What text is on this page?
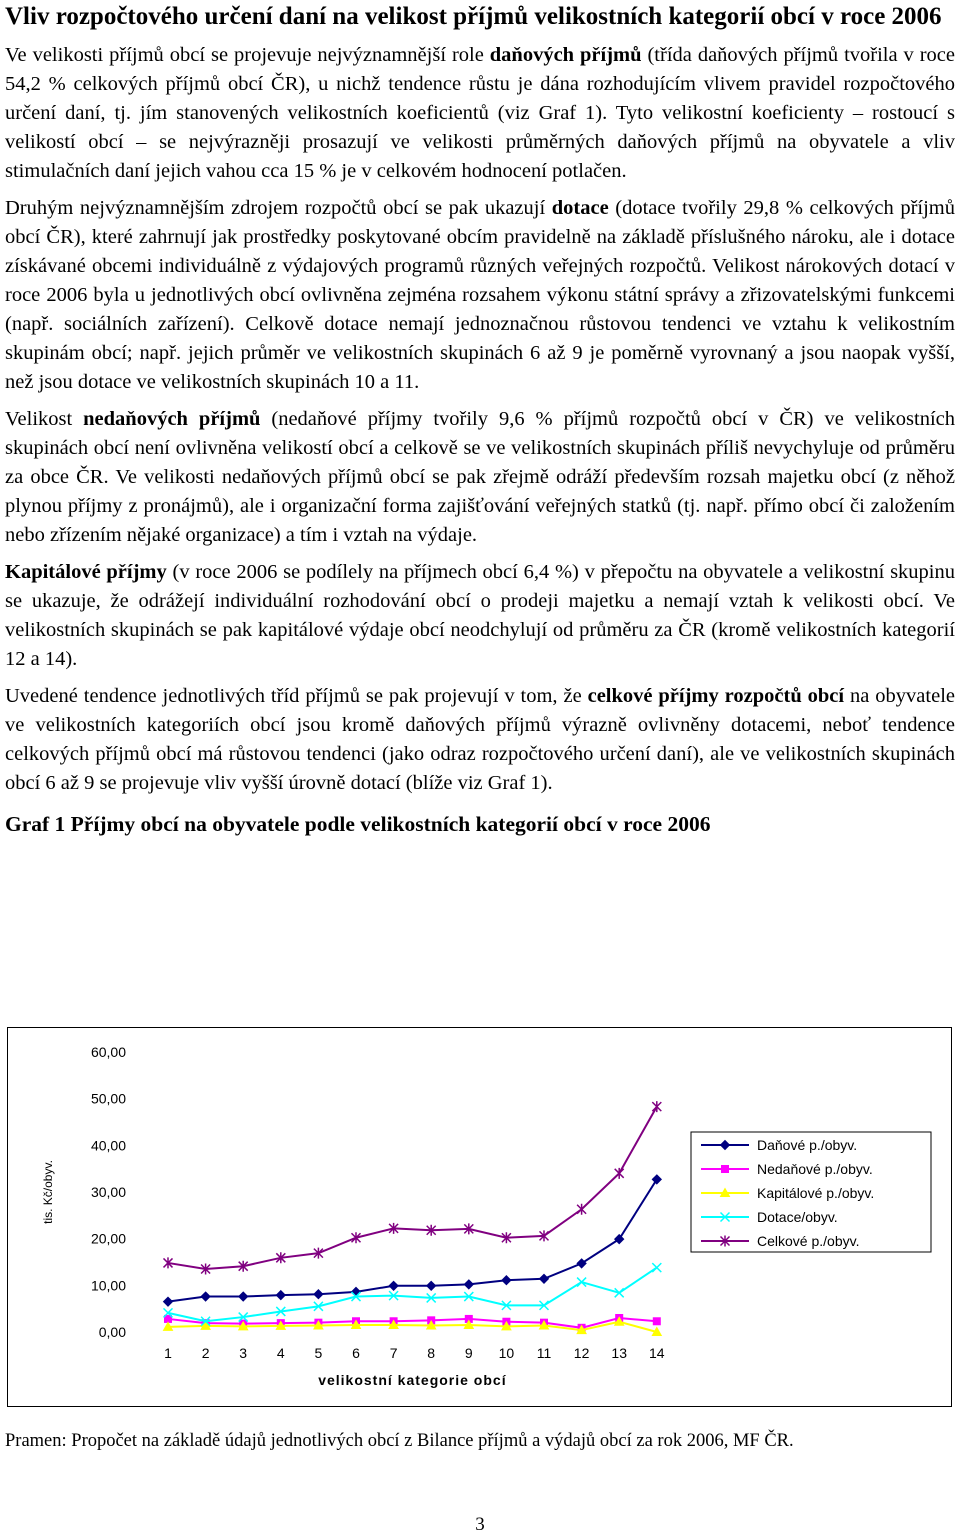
Vliv rozpočtového určení daní na velikost příjmů velikostních kategorií obcí v roce 2006

Ve velikosti příjmů obcí se projevuje nejvýznamnější role daňových příjmů (třída daňových příjmů tvořila v roce 54,2 % celkových příjmů obcí ČR), u nichž tendence růstu je dána rozhodujícím vlivem pravidel rozpočtového určení daní, tj. jím stanovených velikostních koeficientů (viz Graf 1). Tyto velikostní koeficienty – rostoucí s velikostí obcí – se nejvýrazněji prosazují ve velikosti průměrných daňových příjmů na obyvatele a vliv stimulačních daní jejich vahou cca 15 % je v celkovém hodnocení potlačen.

Druhým nejvýznamnějším zdrojem rozpočtů obcí se pak ukazují dotace (dotace tvořily 29,8 % celkových příjmů obcí ČR), které zahrnují jak prostředky poskytované obcím pravidelně na základě příslušného nároku, ale i dotace získávané obcemi individuálně z výdajových programů různých veřejných rozpočtů. Velikost nárokových dotací v roce 2006 byla u jednotlivých obcí ovlivněna zejména rozsahem výkonu státní správy a zřizovatelskými funkcemi (např. sociálních zařízení). Celkově dotace nemají jednoznačnou růstovou tendenci ve vztahu k velikostním skupinám obcí; např. jejich průměr ve velikostních skupinách 6 až 9 je poměrně vyrovnaný a jsou naopak vyšší, než jsou dotace ve velikostních skupinách 10 a 11.

Velikost nedaňových příjmů (nedaňové příjmy tvořily 9,6 % příjmů rozpočtů obcí v ČR) ve velikostních skupinách obcí není ovlivněna velikostí obcí a celkově se ve velikostních skupinách příliš nevychyluje od průměru za obce ČR. Ve velikosti nedaňových příjmů obcí se pak zřejmě odráží především rozsah majetku obcí (z něhož plynou příjmy z pronájmů), ale i organizační forma zajišťování veřejných statků (tj. např. přímo obcí či založením nebo zřízením nějaké organizace) a tím i vztah na výdaje.

Kapitálové příjmy (v roce 2006 se podílely na příjmech obcí 6,4 %) v přepočtu na obyvatele a velikostní skupinu se ukazuje, že odrážejí individuální rozhodování obcí o prodeji majetku a nemají vztah k velikosti obcí. Ve velikostních skupinách se pak kapitálové výdaje obcí neodchylují od průměru za ČR (kromě velikostních kategorií 12 a 14).

Uvedené tendence jednotlivých tříd příjmů se pak projevují v tom, že celkové příjmy rozpočtů obcí na obyvatele ve velikostních kategoriích obcí jsou kromě daňových příjmů výrazně ovlivněny dotacemi, neboť tendence celkových příjmů obcí má růstovou tendenci (jako odraz rozpočtového určení daní), ale ve velikostních skupinách obcí 6 až 9 se projevuje vliv vyšší úrovně dotací (blíže viz Graf 1).

Graf 1 Příjmy obcí na obyvatele podle velikostních kategorií obcí v roce 2006

0,00
10,00
20,00
30,00
40,00
50,00
60,00
1 2 3 4 5 6 7 8 9 10 11 12 13 14
velikostní kategorie obcí
tis. Kč/obyv.
Daňové p./obyv.
Nedaňové p./obyv.
Kapitálové p./obyv.
Dotace/obyv.
Celkové p./obyv.

Pramen: Propočet na základě údajů jednotlivých obcí z Bilance příjmů a výdajů obcí za rok 2006, MF ČR.

3
